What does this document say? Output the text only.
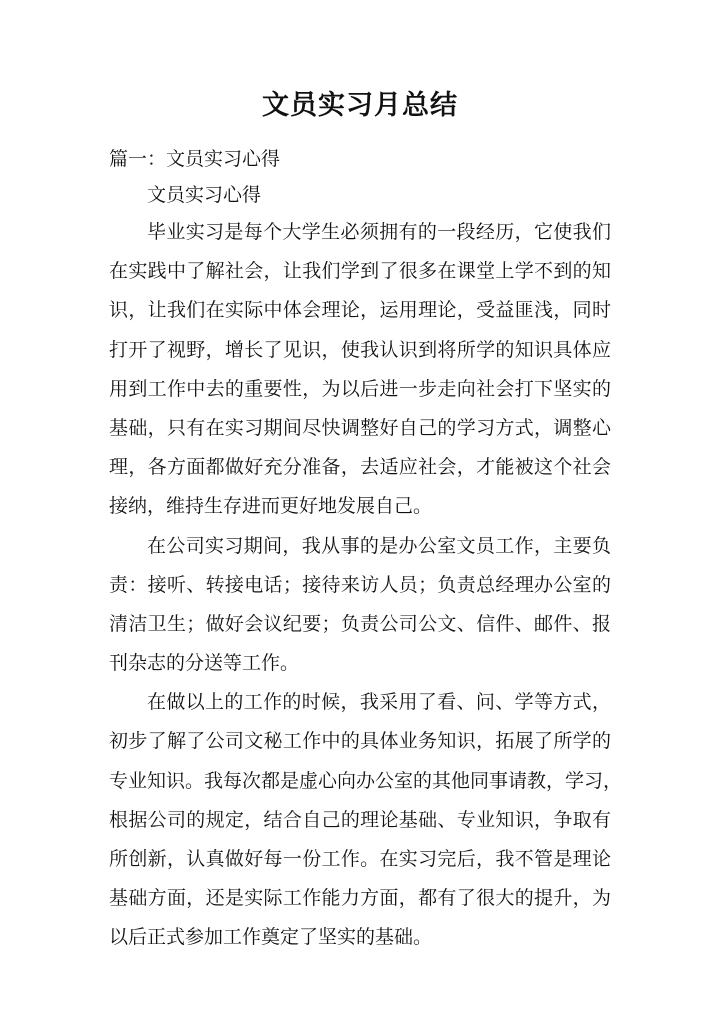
文员实习月总结
篇一：文员实习心得

文员实习心得

毕业实习是每个大学生必须拥有的一段经历，它使我们
在实践中了解社会，让我们学到了很多在课堂上学不到的知
识，让我们在实际中体会理论，运用理论，受益匪浅，同时
打开了视野，增长了见识，使我认识到将所学的知识具体应
用到工作中去的重要性，为以后进一步走向社会打下坚实的
基础，只有在实习期间尽快调整好自己的学习方式，调整心
理，各方面都做好充分准备，去适应社会，才能被这个社会
接纳，维持生存进而更好地发展自己。
在公司实习期间，我从事的是办公室文员工作，主要负
责：接听、转接电话；接待来访人员；负责总经理办公室的
清洁卫生；做好会议纪要；负责公司公文、信件、邮件、报
刊杂志的分送等工作。
在做以上的工作的时候，我采用了看、问、学等方式，
初步了解了公司文秘工作中的具体业务知识，拓展了所学的
专业知识。我每次都是虚心向办公室的其他同事请教，学习，
根据公司的规定，结合自己的理论基础、专业知识，争取有
所创新，认真做好每一份工作。在实习完后，我不管是理论
基础方面，还是实际工作能力方面，都有了很大的提升，为
以后正式参加工作奠定了坚实的基础。
